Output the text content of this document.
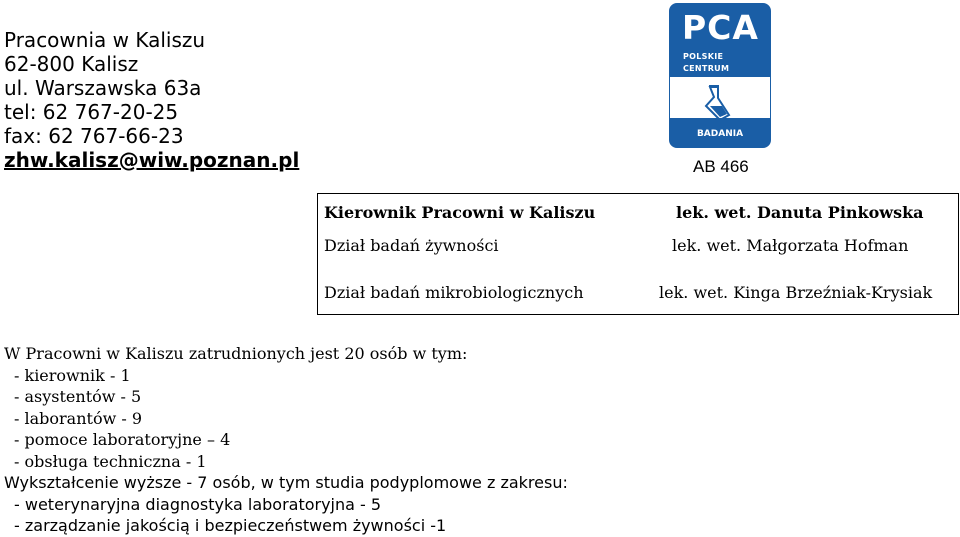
Pracownia w Kaliszu
62-800 Kalisz
ul. Warszawska 63a
tel: 62 767-20-25
fax: 62 767-66-23
zhw.kalisz@wiw.poznan.pl
PCA
POLSKIE CENTRUM
BADANIA
AB 466
Kierownik Pracowni w Kaliszu	lek. wet. Danuta Pinkowska
Dział badań żywności	lek. wet. Małgorzata Hofman
Dział badań mikrobiologicznych	lek. wet. Kinga Brzeźniak-Krysiak
W Pracowni w Kaliszu zatrudnionych jest 20 osób w tym:
- kierownik - 1
- asystentów - 5
- laborantów - 9
- pomoce laboratoryjne – 4
- obsługa techniczna - 1
Wykształcenie wyższe - 7 osób, w tym studia podyplomowe z zakresu:
- weterynaryjna diagnostyka laboratoryjna - 5
- zarządzanie jakością i bezpieczeństwem żywności -1
